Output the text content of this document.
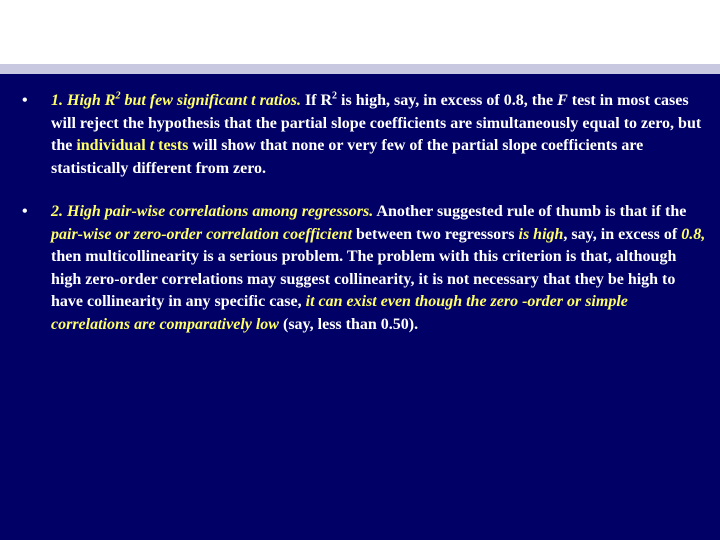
•	1. High $R^2$ but few significant t ratios. If $R^2$ is high, say, in excess of 0.8, the F test in most cases will reject the hypothesis that the partial slope coefficients are simultaneously equal to zero, but the individual t tests will show that none or very few of the partial slope coefficients are statistically different from zero.
•	2. High pair-wise correlations among regressors. Another suggested rule of thumb is that if the pair-wise or zero-order correlation coefficient between two regressors is high, say, in excess of 0.8, then multicollinearity is a serious problem. The problem with this criterion is that, although high zero-order correlations may suggest collinearity, it is not necessary that they be high to have collinearity in any specific case, it can exist even though the zero -order or simple correlations are comparatively low (say, less than 0.50).
